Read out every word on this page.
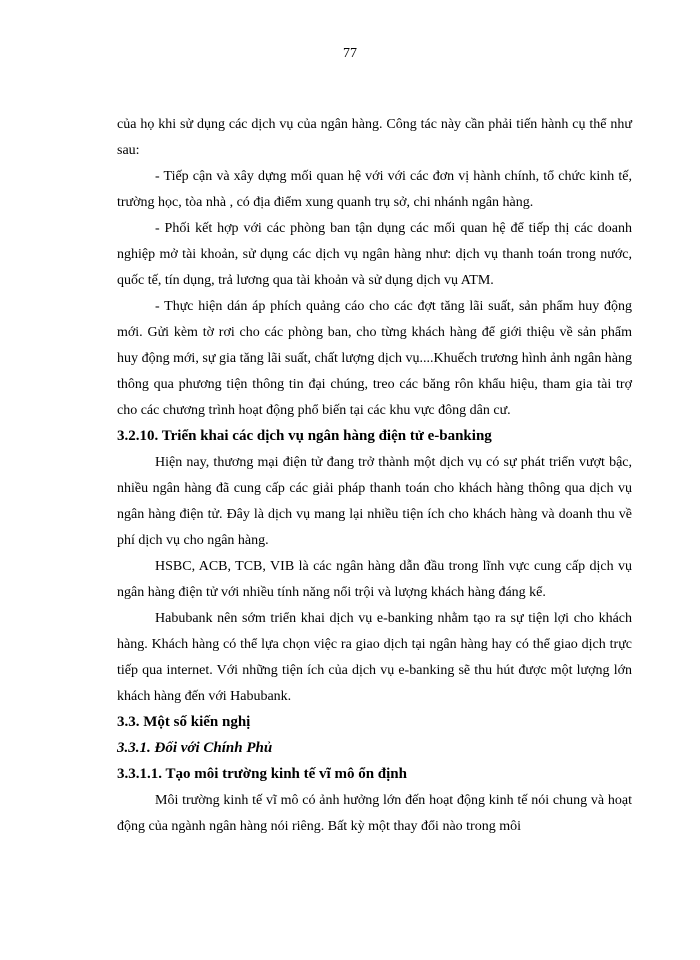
77

của họ khi sử dụng các dịch vụ của ngân hàng. Công tác này cần phải tiến hành cụ thể như sau:

- Tiếp cận và xây dựng mối quan hệ với với các đơn vị hành chính, tổ chức kinh tế, trường học, tòa nhà , có địa điểm xung quanh trụ sở, chi nhánh ngân hàng.

- Phối kết hợp với các phòng ban tận dụng các mối quan hệ để tiếp thị các doanh nghiệp mở tài khoản, sử dụng các dịch vụ ngân hàng như: dịch vụ thanh toán trong nước, quốc tế, tín dụng, trả lương qua tài khoản và sử dụng dịch vụ ATM.

- Thực hiện dán áp phích quảng cáo cho các đợt tăng lãi suất, sản phẩm huy động mới. Gửi kèm tờ rơi cho các phòng ban, cho từng khách hàng để giới thiệu về sản phẩm huy động mới, sự gia tăng lãi suất, chất lượng dịch vụ....Khuếch trương hình ảnh ngân hàng thông qua phương tiện thông tin đại chúng, treo các băng rôn khẩu hiệu, tham gia tài trợ cho các chương trình hoạt động phổ biến tại các khu vực đông dân cư.

3.2.10. Triển khai các dịch vụ ngân hàng điện tử e-banking

Hiện nay, thương mại điện tử đang trở thành một dịch vụ có sự phát triển vượt bậc, nhiều ngân hàng đã cung cấp các giải pháp thanh toán cho khách hàng thông qua dịch vụ ngân hàng điện tử. Đây là dịch vụ mang lại nhiều tiện ích cho khách hàng và doanh thu về phí dịch vụ cho ngân hàng.

HSBC, ACB, TCB, VIB là các ngân hàng dẫn đầu trong lĩnh vực cung cấp dịch vụ ngân hàng điện tử với nhiều tính năng nổi trội và lượng khách hàng đáng kể.

Habubank nên sớm triển khai dịch vụ e-banking nhằm tạo ra sự tiện lợi cho khách hàng. Khách hàng có thể lựa chọn việc ra giao dịch tại ngân hàng hay có thể giao dịch trực tiếp qua internet. Với những tiện ích của dịch vụ e-banking sẽ thu hút được một lượng lớn khách hàng đến với Habubank.

3.3. Một số kiến nghị
3.3.1. Đối với Chính Phủ
3.3.1.1. Tạo môi trường kinh tế vĩ mô ổn định

Môi trường kinh tế vĩ mô có ảnh hưởng lớn đến hoạt động kinh tế nói chung và hoạt động của ngành ngân hàng nói riêng. Bất kỳ một thay đổi nào trong môi
